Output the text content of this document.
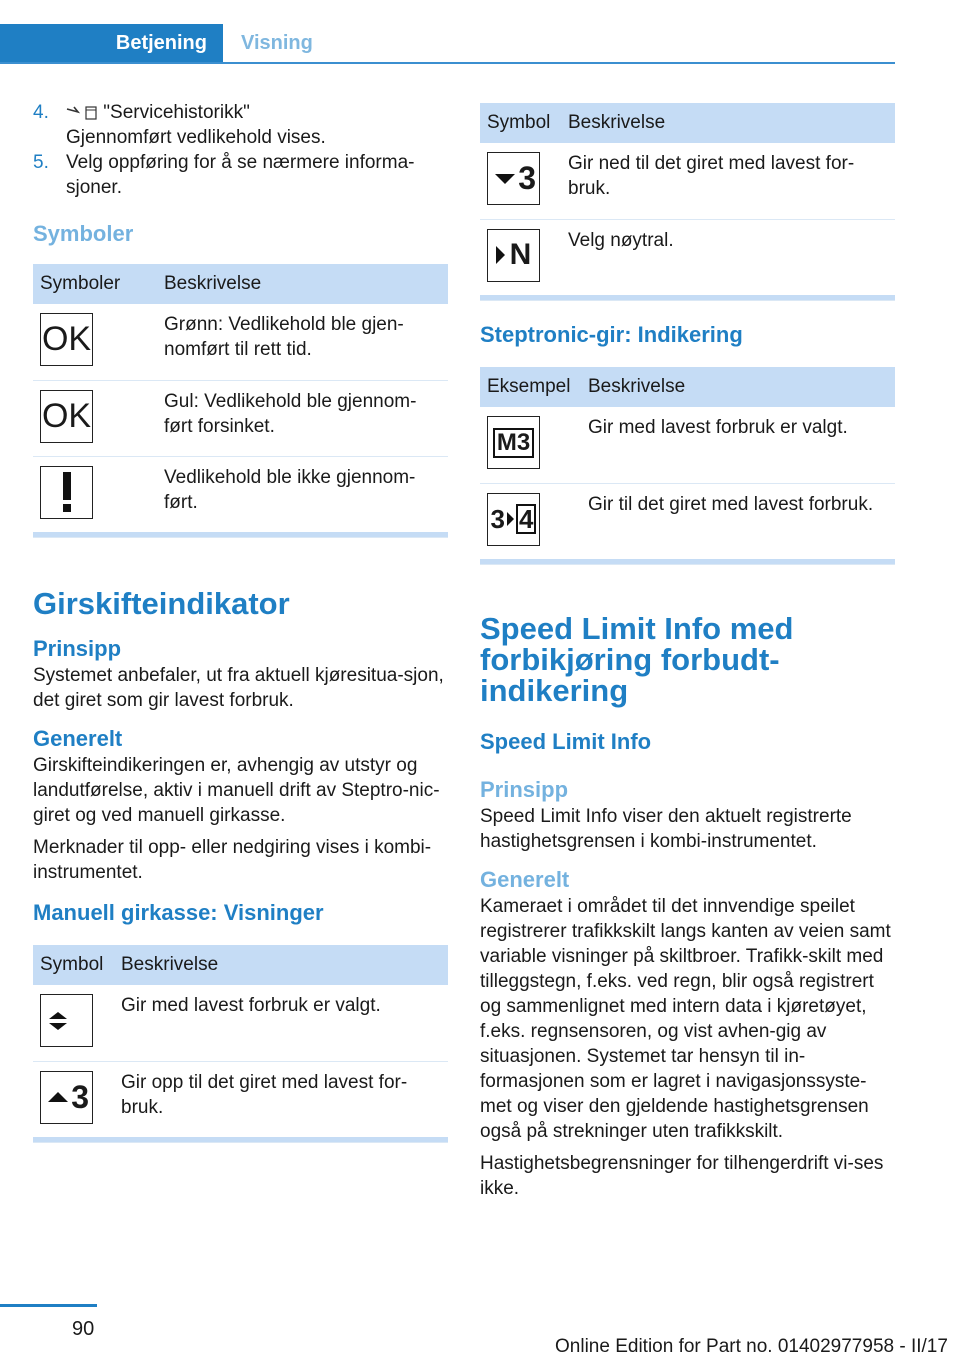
Betjening	Visning
4.	"Servicehistorikk"
Gjennomført vedlikehold vises.
5. Velg oppføring for å se nærmere informa-sjoner.
Symboler
Symboler	Beskrivelse

OK	Grønn: Vedlikehold ble gjen-nomført til rett tid.

OK	Gul: Vedlikehold ble gjennom-ført forsinket.

	Vedlikehold ble ikke gjennom-ført.

Girskifteindikator
Prinsipp

Systemet anbefaler, ut fra aktuell kjøresitua-sjon, det giret som gir lavest forbruk.

Generelt

Girskifteindikeringen er, avhengig av utstyr og landutførelse, aktiv i manuell drift av Steptro-nic-giret og ved manuell girkasse.

Merknader til opp- eller nedgiring vises i kombi-instrumentet.

Manuell girkasse: Visninger
Symbol	Beskrivelse

	Gir med lavest forbruk er valgt.

3	Gir opp til det giret med lavest for-bruk.

Symbol	Beskrivelse

3	Gir ned til det giret med lavest for-bruk.

N	Velg nøytral.

Steptronic-gir: Indikering
Eksempel	Beskrivelse

M3	Gir med lavest forbruk er valgt.

3 4	Gir til det giret med lavest forbruk.

Speed Limit Info med forbikjøring forbudt-indikering
Speed Limit Info
Prinsipp

Speed Limit Info viser den aktuelt registrerte hastighetsgrensen i kombi-instrumentet.

Generelt

Kameraet i området til det innvendige speilet registrerer trafikkskilt langs kanten av veien samt variable visninger på skiltbroer. Trafikk-skilt med tilleggstegn, f.eks. ved regn, blir også registrert og sammenlignet med intern data i kjøretøyet, f.eks. regnsensoren, og vist avhen-gig av situasjonen. Systemet tar hensyn til in-formasjonen som er lagret i navigasjonssyste-met og viser den gjeldende hastighetsgrensen også på strekninger uten trafikkskilt.

Hastighetsbegrensninger for tilhengerdrift vi-ses ikke.

90
Online Edition for Part no. 01402977958 - II/17
